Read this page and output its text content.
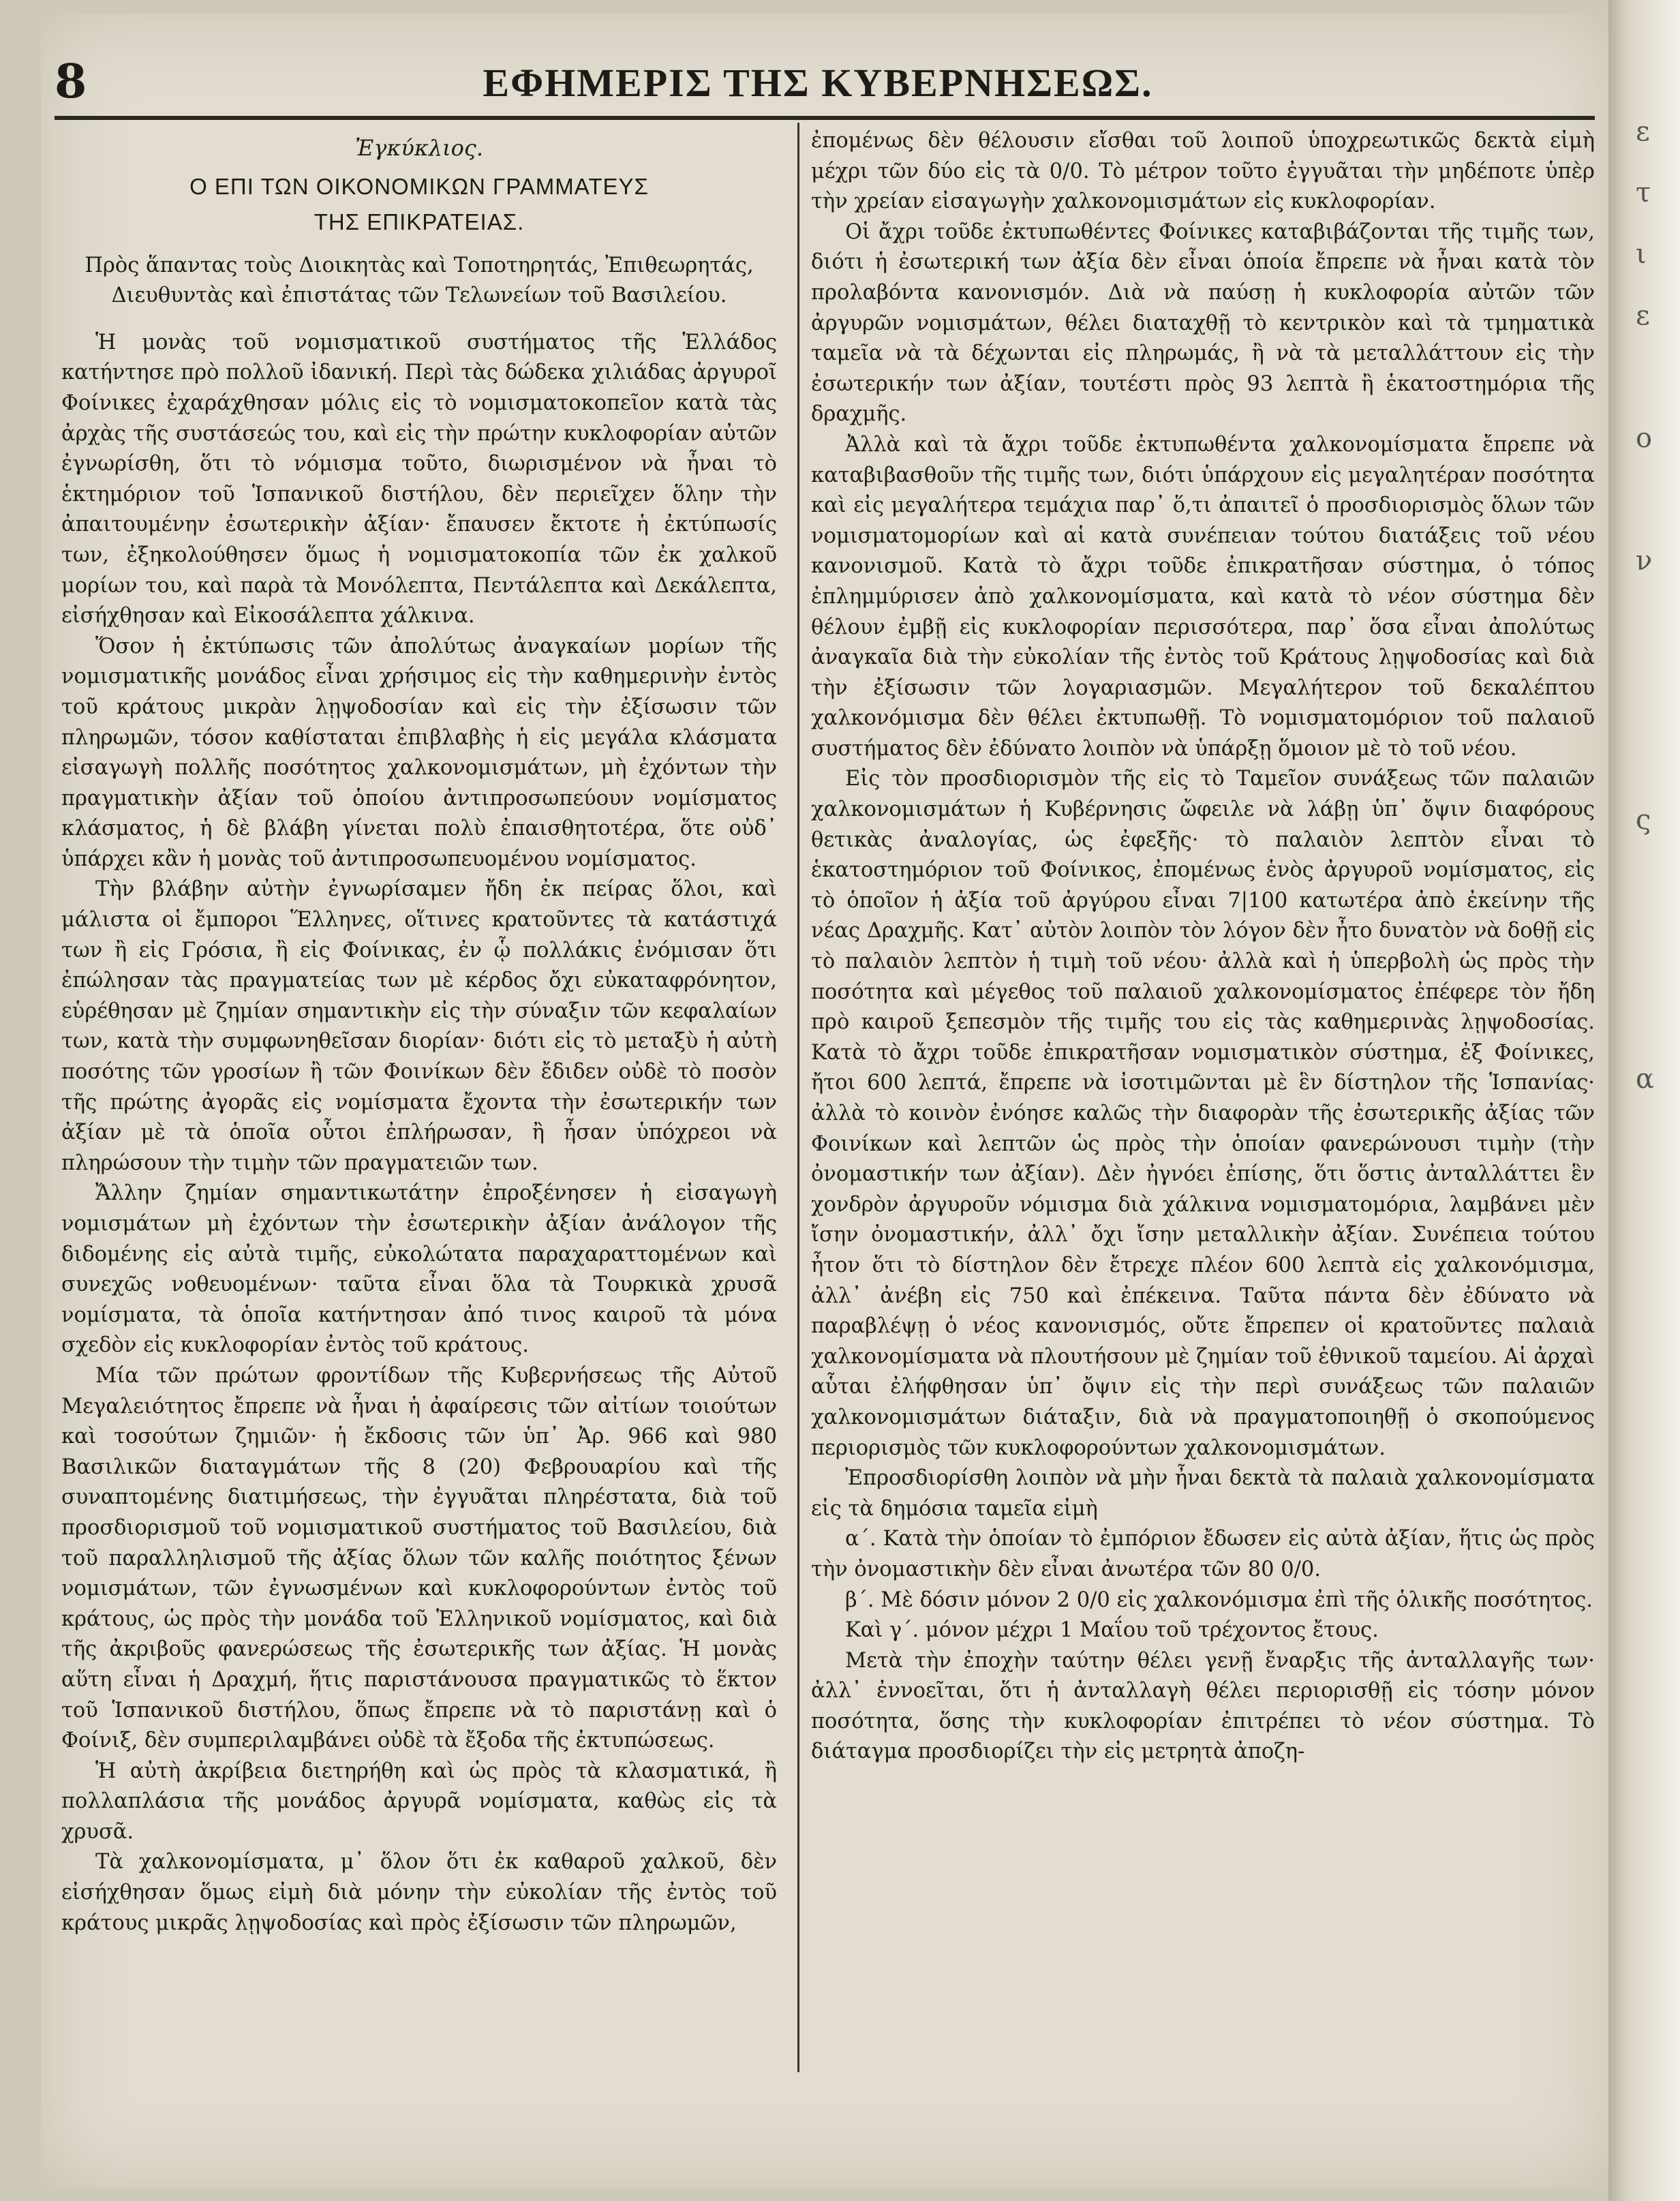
8	ΕΦΗΜΕΡΙΣ ΤΗΣ ΚΥΒΕΡΝΗΣΕΩΣ.
Ἐγκύκλιος.
Ο ΕΠΙ ΤΩΝ ΟΙΚΟΝΟΜΙΚΩΝ ΓΡΑΜΜΑΤΕΥΣ
ΤΗΣ ΕΠΙΚΡΑΤΕΙΑΣ.
Πρὸς ἅπαντας τοὺς Διοικητὰς καὶ Τοποτηρητάς, Ἐπιθεωρητάς, Διευθυντὰς καὶ ἐπιστάτας τῶν Τελωνείων τοῦ Βασιλείου.

Ἡ μονὰς τοῦ νομισματικοῦ συστήματος τῆς Ἑλλάδος κατήντησε πρὸ πολλοῦ ἰδανική. Περὶ τὰς δώδεκα χιλιάδας ἀργυροῖ Φοίνικες ἐχαράχθησαν μόλις εἰς τὸ νομισματοκοπεῖον κατὰ τὰς ἀρχὰς τῆς συστάσεώς του, καὶ εἰς τὴν πρώτην κυκλοφορίαν αὐτῶν ἐγνωρίσθη, ὅτι τὸ νόμισμα τοῦτο, διωρισμένον νὰ ἦναι τὸ ἑκτημόριον τοῦ Ἱσπανικοῦ διστήλου, δὲν περιεῖχεν ὅλην τὴν ἀπαιτουμένην ἐσωτερικὴν ἀξίαν· ἔπαυσεν ἔκτοτε ἡ ἐκτύπωσίς των, ἐξηκολούθησεν ὅμως ἡ νομισματοκοπία τῶν ἐκ χαλκοῦ μορίων του, καὶ παρὰ τὰ Μονόλεπτα, Πεντάλεπτα καὶ Δεκάλεπτα, εἰσήχθησαν καὶ Εἰκοσάλεπτα χάλκινα.

Ὅσον ἡ ἐκτύπωσις τῶν ἀπολύτως ἀναγκαίων μορίων τῆς νομισματικῆς μονάδος εἶναι χρήσιμος εἰς τὴν καθημερινὴν ἐντὸς τοῦ κράτους μικρὰν λῃψοδοσίαν καὶ εἰς τὴν ἐξίσωσιν τῶν πληρωμῶν, τόσον καθίσταται ἐπιβλαβὴς ἡ εἰς μεγάλα κλάσματα εἰσαγωγὴ πολλῆς ποσότητος χαλκονομισμάτων, μὴ ἐχόντων τὴν πραγματικὴν ἀξίαν τοῦ ὁποίου ἀντιπροσωπεύουν νομίσματος κλάσματος, ἡ δὲ βλάβη γίνεται πολὺ ἐπαισθητοτέρα, ὅτε οὐδ᾽ ὑπάρχει κἂν ἡ μονὰς τοῦ ἀντιπροσωπευομένου νομίσματος.

Τὴν βλάβην αὐτὴν ἐγνωρίσαμεν ἤδη ἐκ πείρας ὅλοι, καὶ μάλιστα οἱ ἔμποροι Ἕλληνες, οἵτινες κρατοῦντες τὰ κατάστιχά των ἢ εἰς Γρόσια, ἢ εἰς Φοίνικας, ἐν ᾧ πολλάκις ἐνόμισαν ὅτι ἐπώλησαν τὰς πραγματείας των μὲ κέρδος ὄχι εὐκαταφρόνητον, εὑρέθησαν μὲ ζημίαν σημαντικὴν εἰς τὴν σύναξιν τῶν κεφαλαίων των, κατὰ τὴν συμφωνηθεῖσαν διορίαν· διότι εἰς τὸ μεταξὺ ἡ αὐτὴ ποσότης τῶν γροσίων ἢ τῶν Φοινίκων δὲν ἔδιδεν οὐδὲ τὸ ποσὸν τῆς πρώτης ἀγορᾶς εἰς νομίσματα ἔχοντα τὴν ἐσωτερικήν των ἀξίαν μὲ τὰ ὁποῖα οὗτοι ἐπλήρωσαν, ἢ ἦσαν ὑπόχρεοι νὰ πληρώσουν τὴν τιμὴν τῶν πραγματειῶν των.

Ἄλλην ζημίαν σημαντικωτάτην ἐπροξένησεν ἡ εἰσαγωγὴ νομισμάτων μὴ ἐχόντων τὴν ἐσωτερικὴν ἀξίαν ἀνάλογον τῆς διδομένης εἰς αὐτὰ τιμῆς, εὐκολώτατα παραχαραττομένων καὶ συνεχῶς νοθευομένων· ταῦτα εἶναι ὅλα τὰ Τουρκικὰ χρυσᾶ νομίσματα, τὰ ὁποῖα κατήντησαν ἀπό τινος καιροῦ τὰ μόνα σχεδὸν εἰς κυκλοφορίαν ἐντὸς τοῦ κράτους.

Μία τῶν πρώτων φροντίδων τῆς Κυβερνήσεως τῆς Αὐτοῦ Μεγαλειότητος ἔπρεπε νὰ ἦναι ἡ ἀφαίρεσις τῶν αἰτίων τοιούτων καὶ τοσούτων ζημιῶν· ἡ ἔκδοσις τῶν ὑπ᾽ Ἀρ. 966 καὶ 980 Βασιλικῶν διαταγμάτων τῆς 8 (20) Φεβρουαρίου καὶ τῆς συναπτομένης διατιμήσεως, τὴν ἐγγυᾶται πληρέστατα, διὰ τοῦ προσδιορισμοῦ τοῦ νομισματικοῦ συστήματος τοῦ Βασιλείου, διὰ τοῦ παραλληλισμοῦ τῆς ἀξίας ὅλων τῶν καλῆς ποιότητος ξένων νομισμάτων, τῶν ἐγνωσμένων καὶ κυκλοφορούντων ἐντὸς τοῦ κράτους, ὡς πρὸς τὴν μονάδα τοῦ Ἑλληνικοῦ νομίσματος, καὶ διὰ τῆς ἀκριβοῦς φανερώσεως τῆς ἐσωτερικῆς των ἀξίας. Ἡ μονὰς αὕτη εἶναι ἡ Δραχμή, ἥτις παριστάνουσα πραγματικῶς τὸ ἕκτον τοῦ Ἱσπανικοῦ διστήλου, ὅπως ἔπρεπε νὰ τὸ παριστάνῃ καὶ ὁ Φοίνιξ, δὲν συμπεριλαμβάνει οὐδὲ τὰ ἔξοδα τῆς ἐκτυπώσεως.

Ἡ αὐτὴ ἀκρίβεια διετηρήθη καὶ ὡς πρὸς τὰ κλασματικά, ἢ πολλαπλάσια τῆς μονάδος ἀργυρᾶ νομίσματα, καθὼς εἰς τὰ χρυσᾶ.

Τὰ χαλκονομίσματα, μ᾽ ὅλον ὅτι ἐκ καθαροῦ χαλκοῦ, δὲν εἰσήχθησαν ὅμως εἰμὴ διὰ μόνην τὴν εὐκολίαν τῆς ἐντὸς τοῦ κράτους μικρᾶς λῃψοδοσίας καὶ πρὸς ἐξίσωσιν τῶν πληρωμῶν,

ἐπομένως δὲν θέλουσιν εἴσθαι τοῦ λοιποῦ ὑποχρεωτικῶς δεκτὰ εἰμὴ μέχρι τῶν δύο εἰς τὰ 0/0. Τὸ μέτρον τοῦτο ἐγγυᾶται τὴν μηδέποτε ὑπὲρ τὴν χρείαν εἰσαγωγὴν χαλκονομισμάτων εἰς κυκλοφορίαν.

Οἱ ἄχρι τοῦδε ἐκτυπωθέντες Φοίνικες καταβιβάζονται τῆς τιμῆς των, διότι ἡ ἐσωτερική των ἀξία δὲν εἶναι ὁποία ἔπρεπε νὰ ἦναι κατὰ τὸν προλαβόντα κανονισμόν. Διὰ νὰ παύσῃ ἡ κυκλοφορία αὐτῶν τῶν ἀργυρῶν νομισμάτων, θέλει διαταχθῇ τὸ κεντρικὸν καὶ τὰ τμηματικὰ ταμεῖα νὰ τὰ δέχωνται εἰς πληρωμάς, ἢ νὰ τὰ μεταλλάττουν εἰς τὴν ἐσωτερικήν των ἀξίαν, τουτέστι πρὸς 93 λεπτὰ ἢ ἑκατοστημόρια τῆς δραχμῆς.

Ἀλλὰ καὶ τὰ ἄχρι τοῦδε ἐκτυπωθέντα χαλκονομίσματα ἔπρεπε νὰ καταβιβασθοῦν τῆς τιμῆς των, διότι ὑπάρχουν εἰς μεγαλητέραν ποσότητα καὶ εἰς μεγαλήτερα τεμάχια παρ᾽ ὅ,τι ἀπαιτεῖ ὁ προσδιορισμὸς ὅλων τῶν νομισματομορίων καὶ αἱ κατὰ συνέπειαν τούτου διατάξεις τοῦ νέου κανονισμοῦ. Κατὰ τὸ ἄχρι τοῦδε ἐπικρατῆσαν σύστημα, ὁ τόπος ἐπλημμύρισεν ἀπὸ χαλκονομίσματα, καὶ κατὰ τὸ νέον σύστημα δὲν θέλουν ἐμβῇ εἰς κυκλοφορίαν περισσότερα, παρ᾽ ὅσα εἶναι ἀπολύτως ἀναγκαῖα διὰ τὴν εὐκολίαν τῆς ἐντὸς τοῦ Κράτους λῃψοδοσίας καὶ διὰ τὴν ἐξίσωσιν τῶν λογαριασμῶν. Μεγαλήτερον τοῦ δεκαλέπτου χαλκονόμισμα δὲν θέλει ἐκτυπωθῇ. Τὸ νομισματομόριον τοῦ παλαιοῦ συστήματος δὲν ἐδύνατο λοιπὸν νὰ ὑπάρξῃ ὅμοιον μὲ τὸ τοῦ νέου.

Εἰς τὸν προσδιορισμὸν τῆς εἰς τὸ Ταμεῖον συνάξεως τῶν παλαιῶν χαλκονομισμάτων ἡ Κυβέρνησις ὤφειλε νὰ λάβῃ ὑπ᾽ ὄψιν διαφόρους θετικὰς ἀναλογίας, ὡς ἐφεξῆς· τὸ παλαιὸν λεπτὸν εἶναι τὸ ἑκατοστημόριον τοῦ Φοίνικος, ἐπομένως ἑνὸς ἀργυροῦ νομίσματος, εἰς τὸ ὁποῖον ἡ ἀξία τοῦ ἀργύρου εἶναι 7|100 κατωτέρα ἀπὸ ἐκείνην τῆς νέας Δραχμῆς. Κατ᾽ αὐτὸν λοιπὸν τὸν λόγον δὲν ἦτο δυνατὸν νὰ δοθῇ εἰς τὸ παλαιὸν λεπτὸν ἡ τιμὴ τοῦ νέου· ἀλλὰ καὶ ἡ ὑπερβολὴ ὡς πρὸς τὴν ποσότητα καὶ μέγεθος τοῦ παλαιοῦ χαλκονομίσματος ἐπέφερε τὸν ἤδη πρὸ καιροῦ ξεπεσμὸν τῆς τιμῆς του εἰς τὰς καθημερινὰς λῃψοδοσίας. Κατὰ τὸ ἄχρι τοῦδε ἐπικρατῆσαν νομισματικὸν σύστημα, ἐξ Φοίνικες, ἤτοι 600 λεπτά, ἔπρεπε νὰ ἰσοτιμῶνται μὲ ἓν δίστηλον τῆς Ἱσπανίας· ἀλλὰ τὸ κοινὸν ἐνόησε καλῶς τὴν διαφορὰν τῆς ἐσωτερικῆς ἀξίας τῶν Φοινίκων καὶ λεπτῶν ὡς πρὸς τὴν ὁποίαν φανερώνουσι τιμὴν (τὴν ὀνομαστικήν των ἀξίαν). Δὲν ἠγνόει ἐπίσης, ὅτι ὅστις ἀνταλλάττει ἓν χονδρὸν ἀργυροῦν νόμισμα διὰ χάλκινα νομισματομόρια, λαμβάνει μὲν ἴσην ὀνομαστικήν, ἀλλ᾽ ὄχι ἴσην μεταλλικὴν ἀξίαν. Συνέπεια τούτου ἦτον ὅτι τὸ δίστηλον δὲν ἔτρεχε πλέον 600 λεπτὰ εἰς χαλκονόμισμα, ἀλλ᾽ ἀνέβη εἰς 750 καὶ ἐπέκεινα. Ταῦτα πάντα δὲν ἐδύνατο νὰ παραβλέψῃ ὁ νέος κανονισμός, οὔτε ἔπρεπεν οἱ κρατοῦντες παλαιὰ χαλκονομίσματα νὰ πλουτήσουν μὲ ζημίαν τοῦ ἐθνικοῦ ταμείου. Αἱ ἀρχαὶ αὗται ἐλήφθησαν ὑπ᾽ ὄψιν εἰς τὴν περὶ συνάξεως τῶν παλαιῶν χαλκονομισμάτων διάταξιν, διὰ νὰ πραγματοποιηθῇ ὁ σκοπούμενος περιορισμὸς τῶν κυκλοφορούντων χαλκονομισμάτων.

Ἐπροσδιορίσθη λοιπὸν νὰ μὴν ἦναι δεκτὰ τὰ παλαιὰ χαλκονομίσματα εἰς τὰ δημόσια ταμεῖα εἰμὴ

α΄. Κατὰ τὴν ὁποίαν τὸ ἐμπόριον ἔδωσεν εἰς αὐτὰ ἀξίαν, ἥτις ὡς πρὸς τὴν ὀνομαστικὴν δὲν εἶναι ἀνωτέρα τῶν 80 0/0.

β΄. Μὲ δόσιν μόνον 2 0/0 εἰς χαλκονόμισμα ἐπὶ τῆς ὁλικῆς ποσότητος.

Καὶ γ΄. μόνον μέχρι 1 Μαΐου τοῦ τρέχοντος ἔτους.

Μετὰ τὴν ἐποχὴν ταύτην θέλει γενῇ ἔναρξις τῆς ἀνταλλαγῆς των· ἀλλ᾽ ἐννοεῖται, ὅτι ἡ ἀνταλλαγὴ θέλει περιορισθῇ εἰς τόσην μόνον ποσότητα, ὅσης τὴν κυκλοφορίαν ἐπιτρέπει τὸ νέον σύστημα. Τὸ διάταγμα προσδιορίζει τὴν εἰς μετρητὰ ἀποζη-

ε
τ
ι
ε
ο
ν
ς
α
